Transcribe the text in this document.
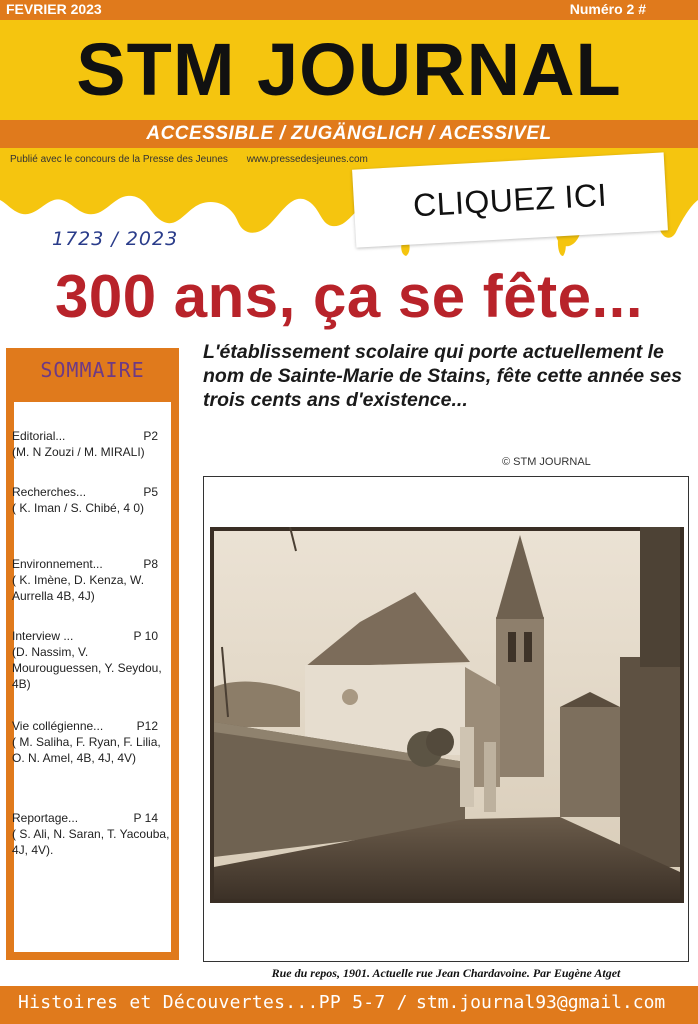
FEVRIER 2023	Numéro 2 #
STM JOURNAL
ACCESSIBLE / ZUGÄNGLICH / ACESSIVEL
Publié avec le concours de la Presse des Jeunes www.pressedesjeunes.com
CLIQUEZ ICI
1723 / 2023
300 ans, ça se fête...
SOMMAIRE
Editorial...	P2
(M. N Zouzi / M. MIRALI)
Recherches...	P5
( K. Iman / S. Chibé, 4 0)
Environnement...	P8
( K. Imène, D. Kenza, W. Aurrella 4B, 4J)
Interview ...	P 10
(D. Nassim, V. Mourouguessen, Y. Seydou, 4B)
Vie collégienne...	P12
( M. Saliha, F. Ryan, F. Lilia, O. N. Amel, 4B, 4J, 4V)
Reportage...	P 14
( S. Ali, N. Saran, T. Yacouba, 4J, 4V).
L'établissement scolaire qui porte actuellement le nom de Sainte-Marie de Stains, fête cette année ses trois cents ans d'existence...
© STM JOURNAL
Rue du repos, 1901. Actuelle rue Jean Chardavoine. Par Eugène Atget
Histoires et Découvertes...PP 5-7 / stm.journal93@gmail.com
